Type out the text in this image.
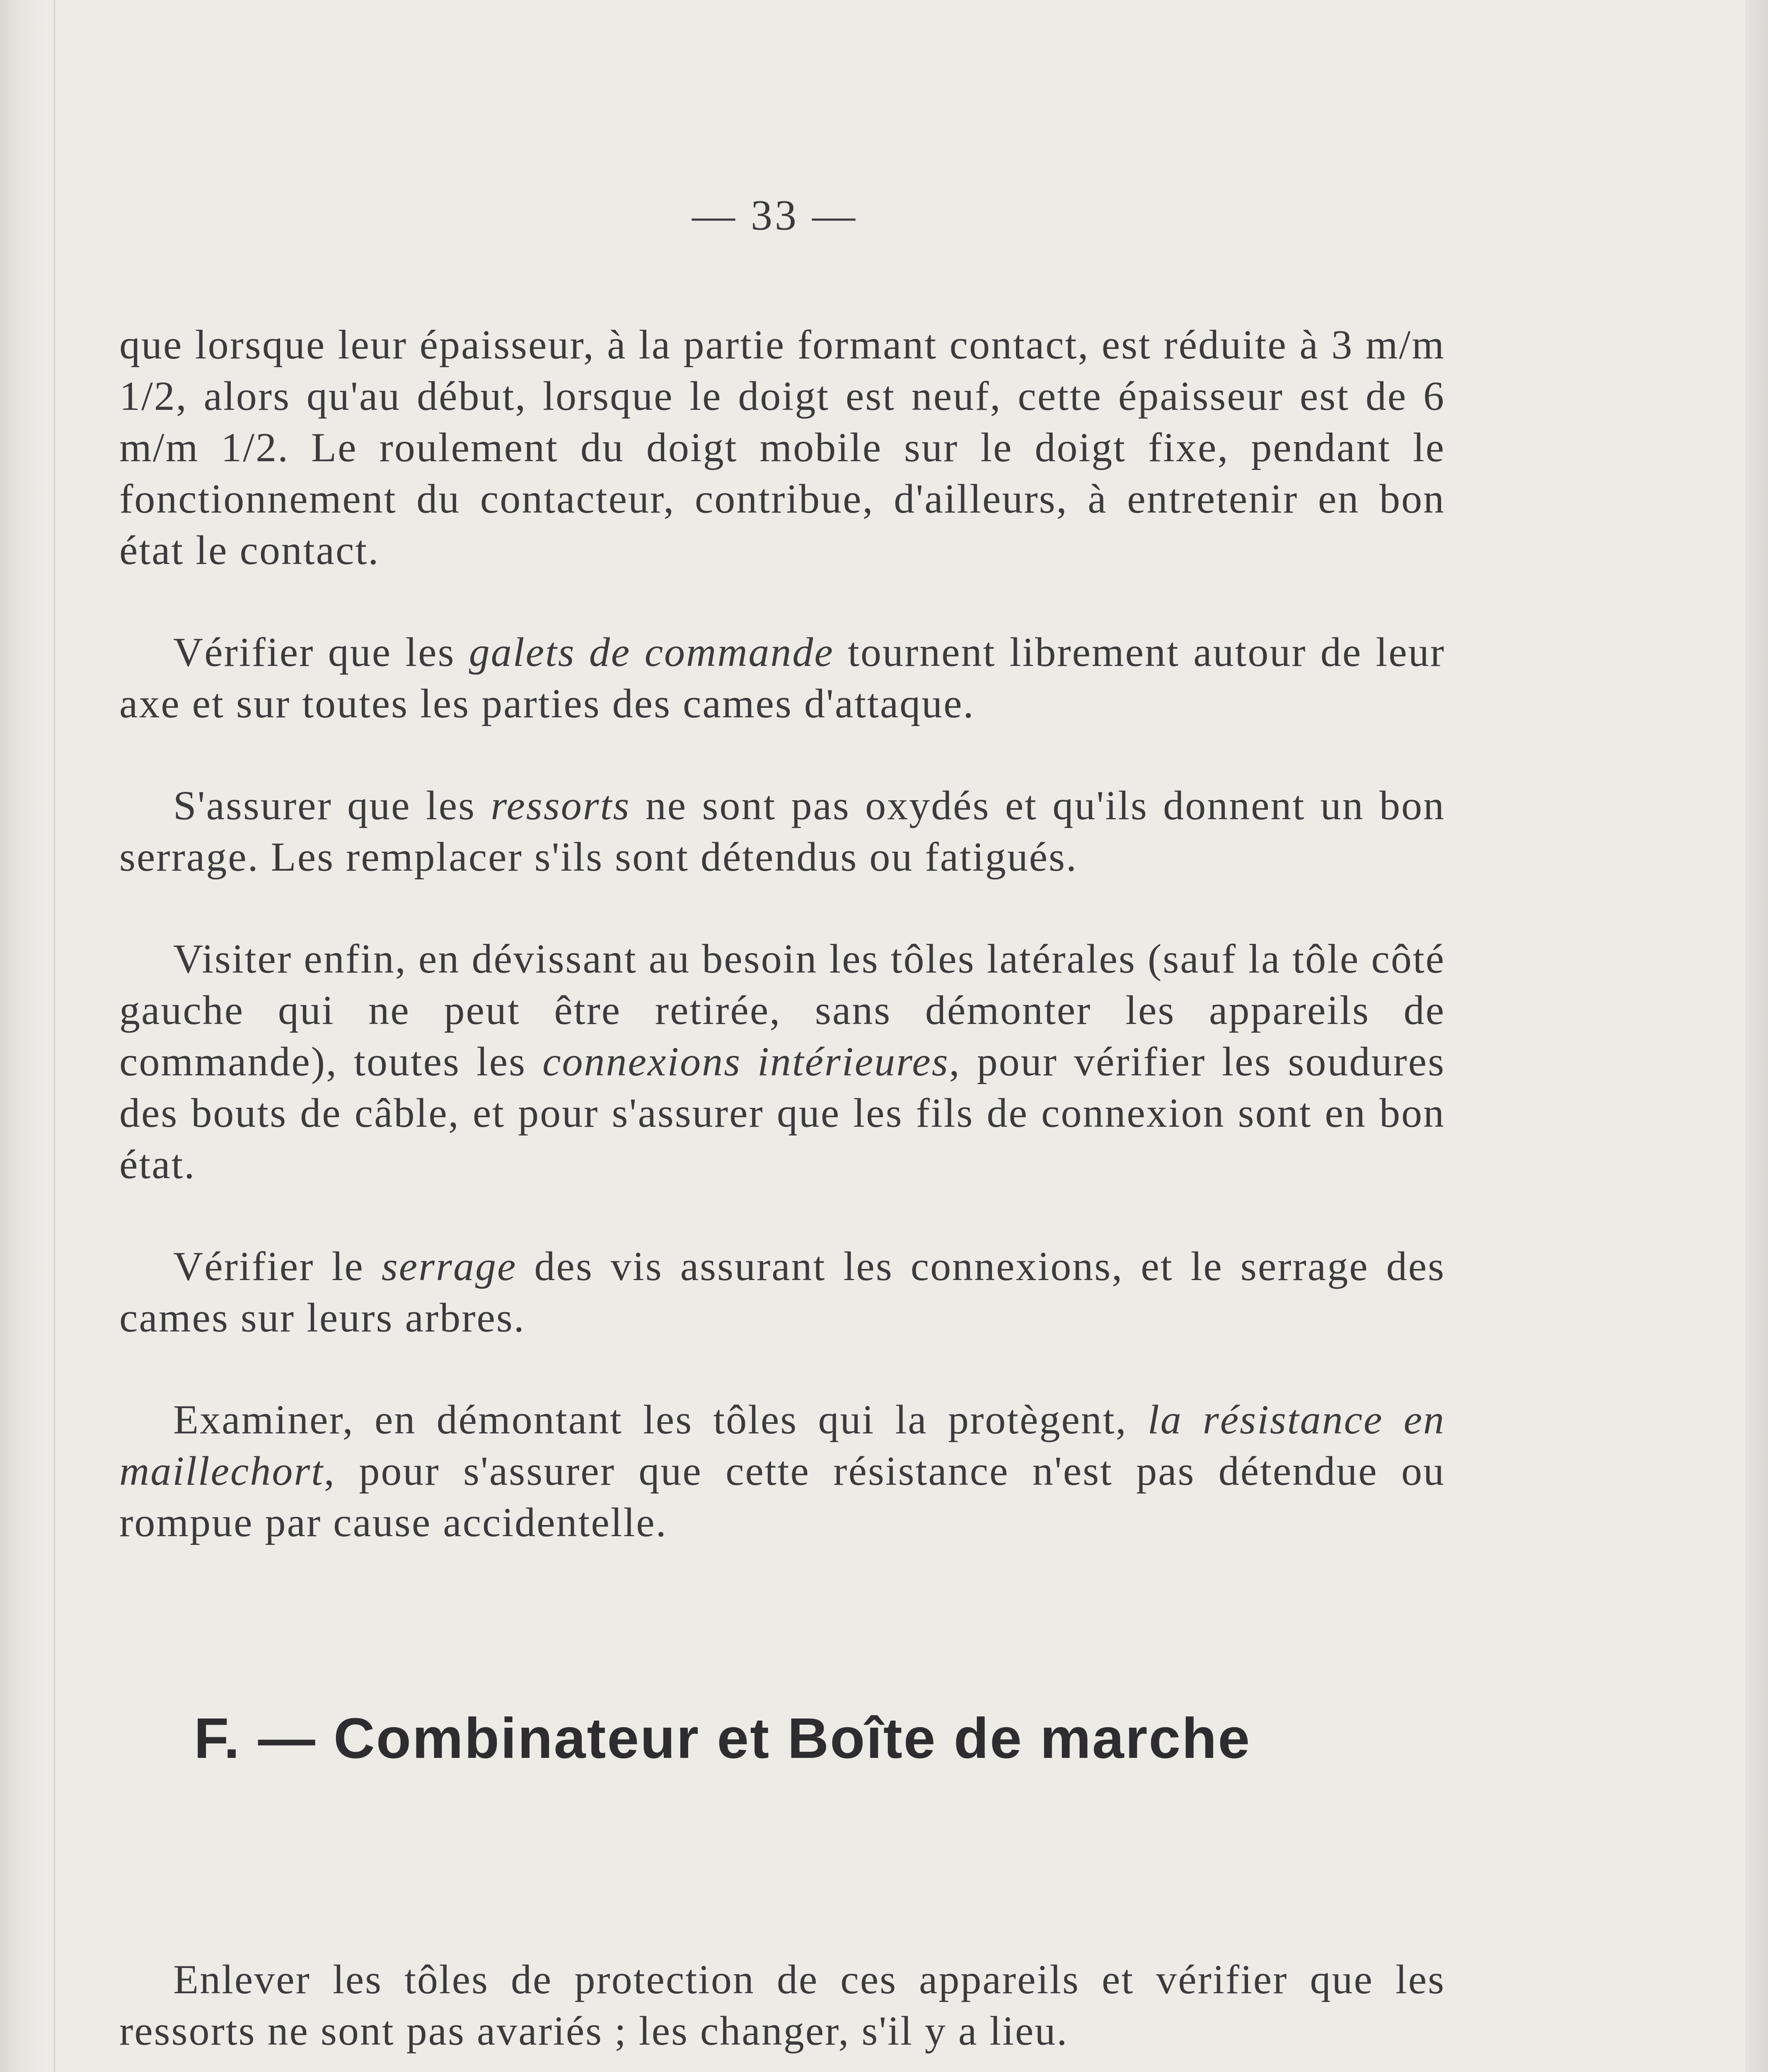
— 33 —

que lorsque leur épaisseur, à la partie formant contact, est réduite à 3 m/m 1/2, alors qu'au début, lorsque le doigt est neuf, cette épaisseur est de 6 m/m 1/2. Le roulement du doigt mobile sur le doigt fixe, pendant le fonctionnement du contacteur, contribue, d'ailleurs, à entretenir en bon état le contact.

Vérifier que les galets de commande tournent librement autour de leur axe et sur toutes les parties des cames d'attaque.

S'assurer que les ressorts ne sont pas oxydés et qu'ils donnent un bon serrage. Les remplacer s'ils sont détendus ou fatigués.

Visiter enfin, en dévissant au besoin les tôles latérales (sauf la tôle côté gauche qui ne peut être retirée, sans démonter les appareils de commande), toutes les connexions intérieures, pour vérifier les soudures des bouts de câble, et pour s'assurer que les fils de connexion sont en bon état.

Vérifier le serrage des vis assurant les connexions, et le serrage des cames sur leurs arbres.

Examiner, en démontant les tôles qui la protègent, la résistance en maillechort, pour s'assurer que cette résistance n'est pas détendue ou rompue par cause accidentelle.

F. — Combinateur et Boîte de marche

Enlever les tôles de protection de ces appareils et vérifier que les ressorts ne sont pas avariés ; les changer, s'il y a lieu.
